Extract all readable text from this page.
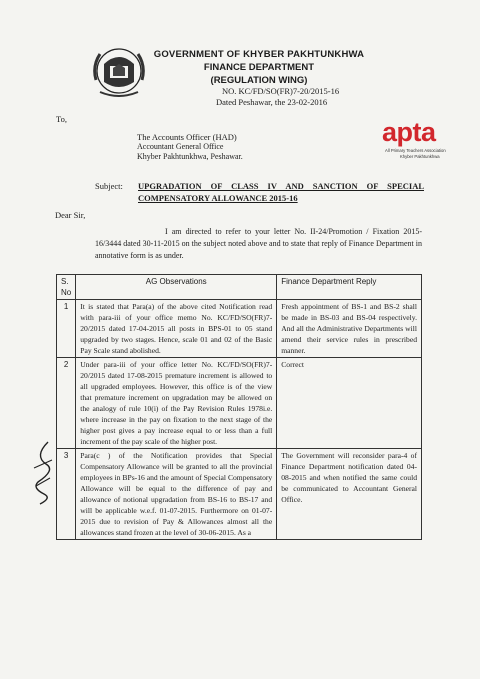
GOVERNMENT OF KHYBER PAKHTUNKHWA
FINANCE DEPARTMENT
(REGULATION WING)
NO. KC/FD/SO(FR)7-20/2015-16
Dated Peshawar, the 23-02-2016
To,
The Accounts Officer (HAD)
Accountant General Office
Khyber Pakhtunkhwa, Peshawar.
apta
All Primary Teachers Association
Khyber Pakhtunkhwa
Subject: UPGRADATION OF CLASS IV AND SANCTION OF SPECIAL COMPENSATORY ALLOWANCE 2015-16
Dear Sir,
I am directed to refer to your letter No. II-24/Promotion / Fixation 2015-16/3444 dated 30-11-2015 on the subject noted above and to state that reply of Finance Department in annotative form is as under.
S. No	AG Observations	Finance Department Reply
1	It is stated that Para(a) of the above cited Notification read with para-iii of your office memo No. KC/FD/SO(FR)7-20/2015 dated 17-04-2015 all posts in BPS-01 to 05 stand upgraded by two stages. Hence, scale 01 and 02 of the Basic Pay Scale stand abolished.	Fresh appointment of BS-1 and BS-2 shall be made in BS-03 and BS-04 respectively. And all the Administrative Departments will amend their service rules in prescribed manner.
2	Under para-iii of your office letter No. KC/FD/SO(FR)7-20/2015 dated 17-08-2015 premature increment is allowed to all upgraded employees. However, this office is of the view that premature increment on upgradation may be allowed on the analogy of rule 10(i) of the Pay Revision Rules 1978i.e. where increase in the pay on fixation to the next stage of the higher post gives a pay increase equal to or less than a full increment of the pay scale of the higher post.	Correct
3	Para(c ) of the Notification provides that Special Compensatory Allowance will be granted to all the provincial employees in BPs-16 and the amount of Special Compensatory Allowance will be equal to the difference of pay and allowance of notional upgradation from BS-16 to BS-17 and will be applicable w.e.f. 01-07-2015. Furthermore on 01-07-2015 due to revision of Pay & Allowances almost all the allowances stand frozen at the level of 30-06-2015. As a	The Government will reconsider para-4 of Finance Department notification dated 04-08-2015 and when notified the same could be communicated to Accountant General Office.
